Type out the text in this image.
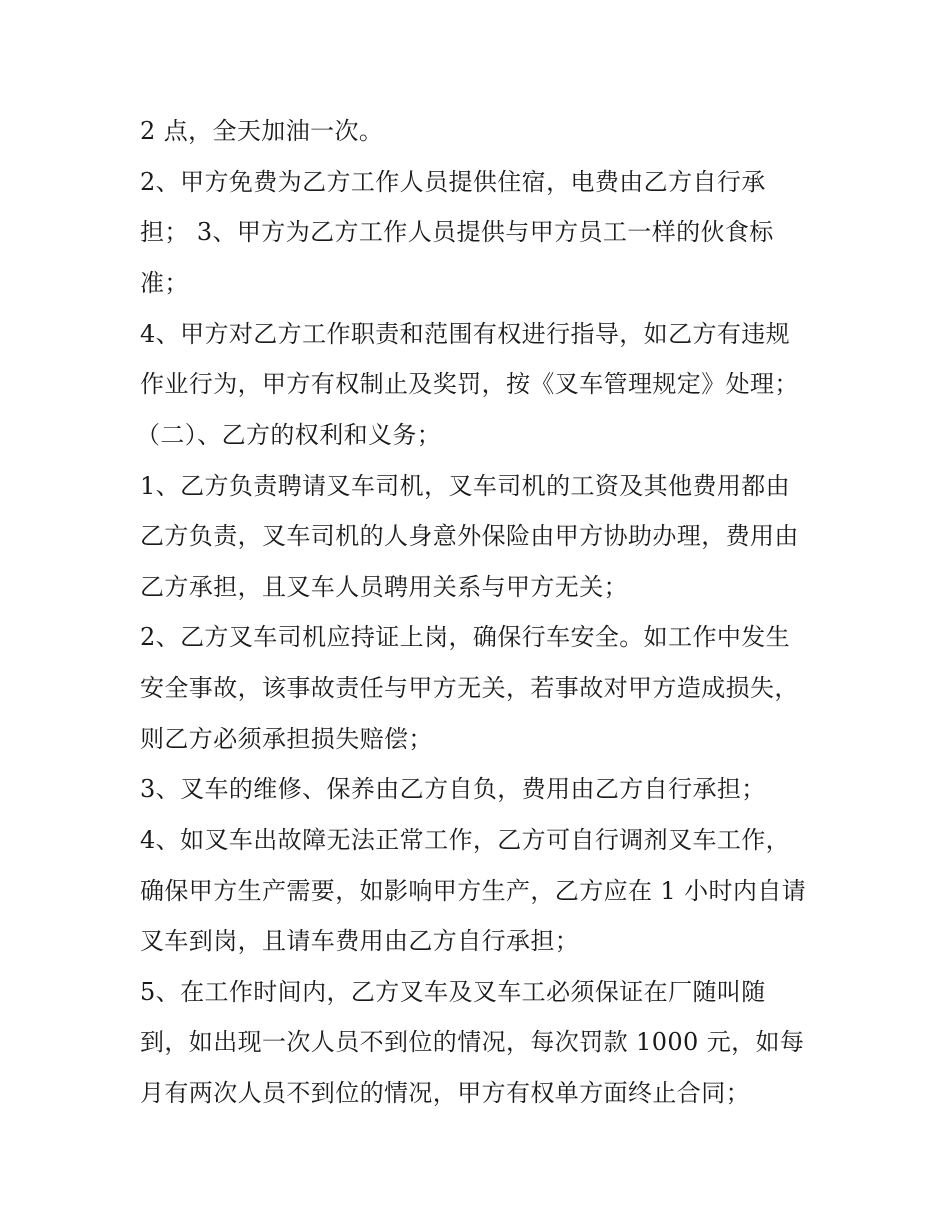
2 点，全天加油一次。

2、甲方免费为乙方工作人员提供住宿，电费由乙方自行承

担； 3、甲方为乙方工作人员提供与甲方员工一样的伙食标

准；

4、甲方对乙方工作职责和范围有权进行指导，如乙方有违规

作业行为，甲方有权制止及奖罚，按《叉车管理规定》处理；

（二）、乙方的权利和义务；

1、乙方负责聘请叉车司机，叉车司机的工资及其他费用都由

乙方负责，叉车司机的人身意外保险由甲方协助办理，费用由

乙方承担，且叉车人员聘用关系与甲方无关；

2、乙方叉车司机应持证上岗，确保行车安全。如工作中发生

安全事故，该事故责任与甲方无关，若事故对甲方造成损失，

则乙方必须承担损失赔偿；

3、叉车的维修、保养由乙方自负，费用由乙方自行承担；

4、如叉车出故障无法正常工作，乙方可自行调剂叉车工作，

确保甲方生产需要，如影响甲方生产，乙方应在 1 小时内自请

叉车到岗，且请车费用由乙方自行承担；

5、在工作时间内，乙方叉车及叉车工必须保证在厂随叫随

到，如出现一次人员不到位的情况，每次罚款 1000 元，如每

月有两次人员不到位的情况，甲方有权单方面终止合同；
